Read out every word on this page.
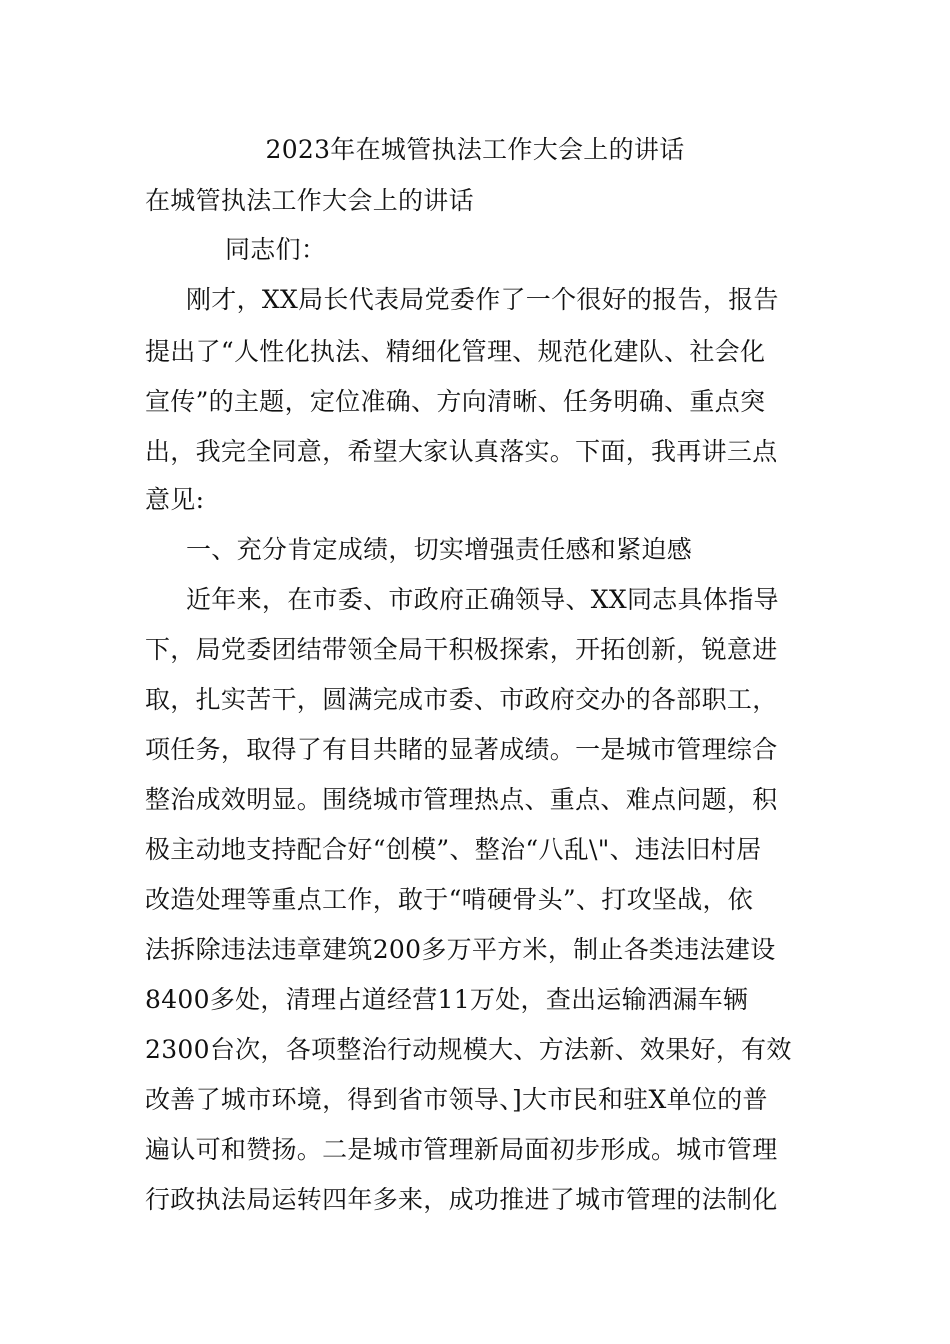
2023年在城管执法工作大会上的讲话
在城管执法工作大会上的讲话
同志们：
刚才，XX局长代表局党委作了一个很好的报告，报告
提出了“人性化执法、精细化管理、规范化建队、社会化
宣传”的主题，定位准确、方向清晰、任务明确、重点突
出，我完全同意，希望大家认真落实。下面，我再讲三点
意见:
一、充分肯定成绩，切实增强责任感和紧迫感
近年来，在市委、市政府正确领导、XX同志具体指导
下，局党委团结带领全局干积极探索，开拓创新，锐意进
取，扎实苦干，圆满完成市委、市政府交办的各部职工，
项任务，取得了有目共睹的显著成绩。一是城市管理综合
整治成效明显。围绕城市管理热点、重点、难点问题，积
极主动地支持配合好“创模”、整治“八乱\"、违法旧村居
改造处理等重点工作，敢于“啃硬骨头”、打攻坚战，依
法拆除违法违章建筑200多万平方米，制止各类违法建设
8400多处，清理占道经营11万处，查出运输洒漏车辆
2300台次，各项整治行动规模大、方法新、效果好，有效
改善了城市环境，得到省市领导、]大市民和驻X单位的普
遍认可和赞扬。二是城市管理新局面初步形成。城市管理
行政执法局运转四年多来，成功推进了城市管理的法制化
